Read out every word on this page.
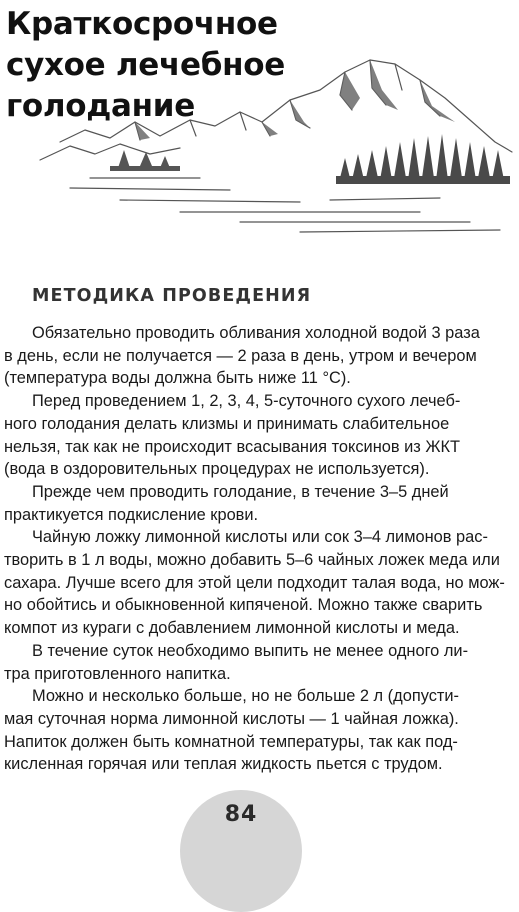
Краткосрочное
сухое лечебное
голодание
МЕТОДИКА ПРОВЕДЕНИЯ

Обязательно проводить обливания холодной водой 3 раза
в день, если не получается — 2 раза в день, утром и вечером
(температура воды должна быть ниже 11 °С).

Перед проведением 1, 2, 3, 4, 5-суточного сухого лечеб-
ного голодания делать клизмы и принимать слабительное
нельзя, так как не происходит всасывания токсинов из ЖКТ
(вода в оздоровительных процедурах не используется).

Прежде чем проводить голодание, в течение 3–5 дней
практикуется подкисление крови.

Чайную ложку лимонной кислоты или сок 3–4 лимонов рас-
творить в 1 л воды, можно добавить 5–6 чайных ложек меда или
сахара. Лучше всего для этой цели подходит талая вода, но мож-
но обойтись и обыкновенной кипяченой. Можно также сварить
компот из кураги с добавлением лимонной кислоты и меда.

В течение суток необходимо выпить не менее одного ли-
тра приготовленного напитка.

Можно и несколько больше, но не больше 2 л (допусти-
мая суточная норма лимонной кислоты — 1 чайная ложка).
Напиток должен быть комнатной температуры, так как под-
кисленная горячая или теплая жидкость пьется с трудом.

84
